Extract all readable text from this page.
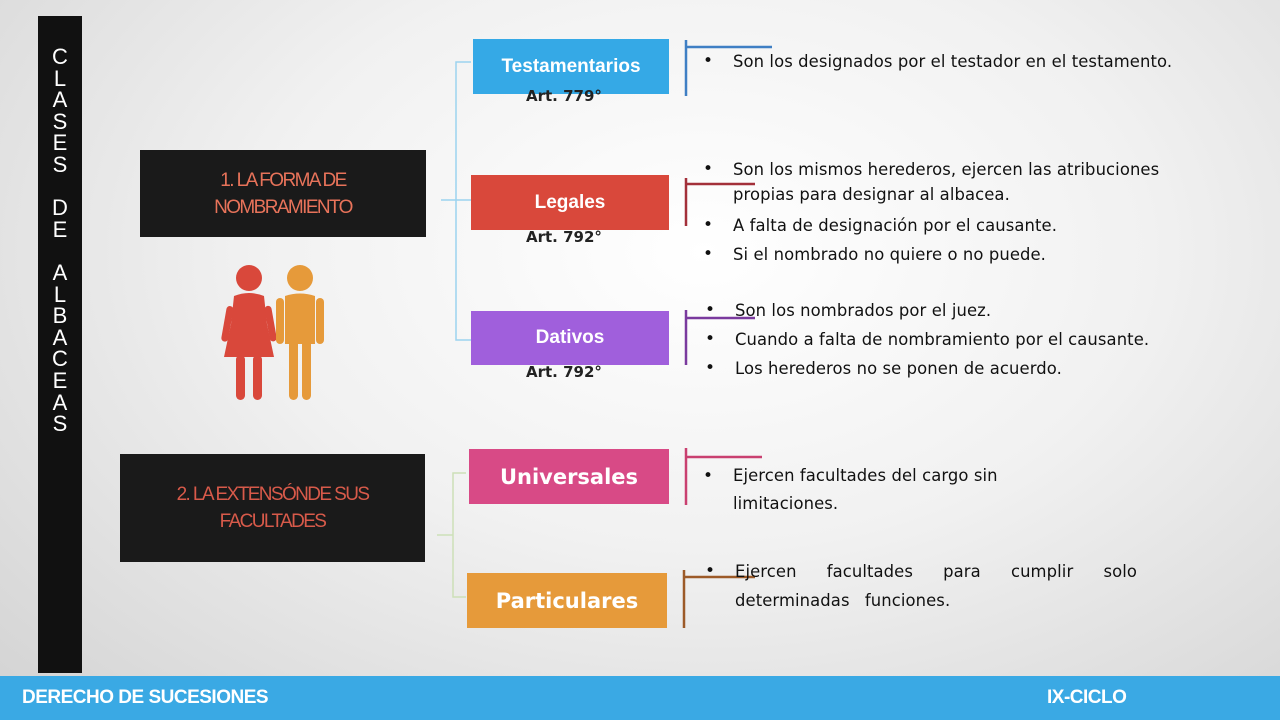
C
L
A
S
E
S
D
E
A
L
B
A
C
E
A
S
1. LA FORMA DE NOMBRAMIENTO
2. LA EXTENSÓNDE SUS FACULTADES
Testamentarios
Art. 779°
Legales
Art. 792°
Dativos
Art. 792°
Universales
Particulares
• Son los designados por el testador en el testamento.
• Son los mismos herederos, ejercen las atribuciones propias para designar al albacea.
• A falta de designación por el causante.
• Si el nombrado no quiere o no puede.
• Son los nombrados por el juez.
• Cuando a falta de nombramiento por el causante.
• Los herederos no se ponen de acuerdo.
• Ejercen facultades del cargo sin limitaciones.
• Ejercen facultades para cumplir solo determinadas funciones.
DERECHO DE SUCESIONES	IX-CICLO
